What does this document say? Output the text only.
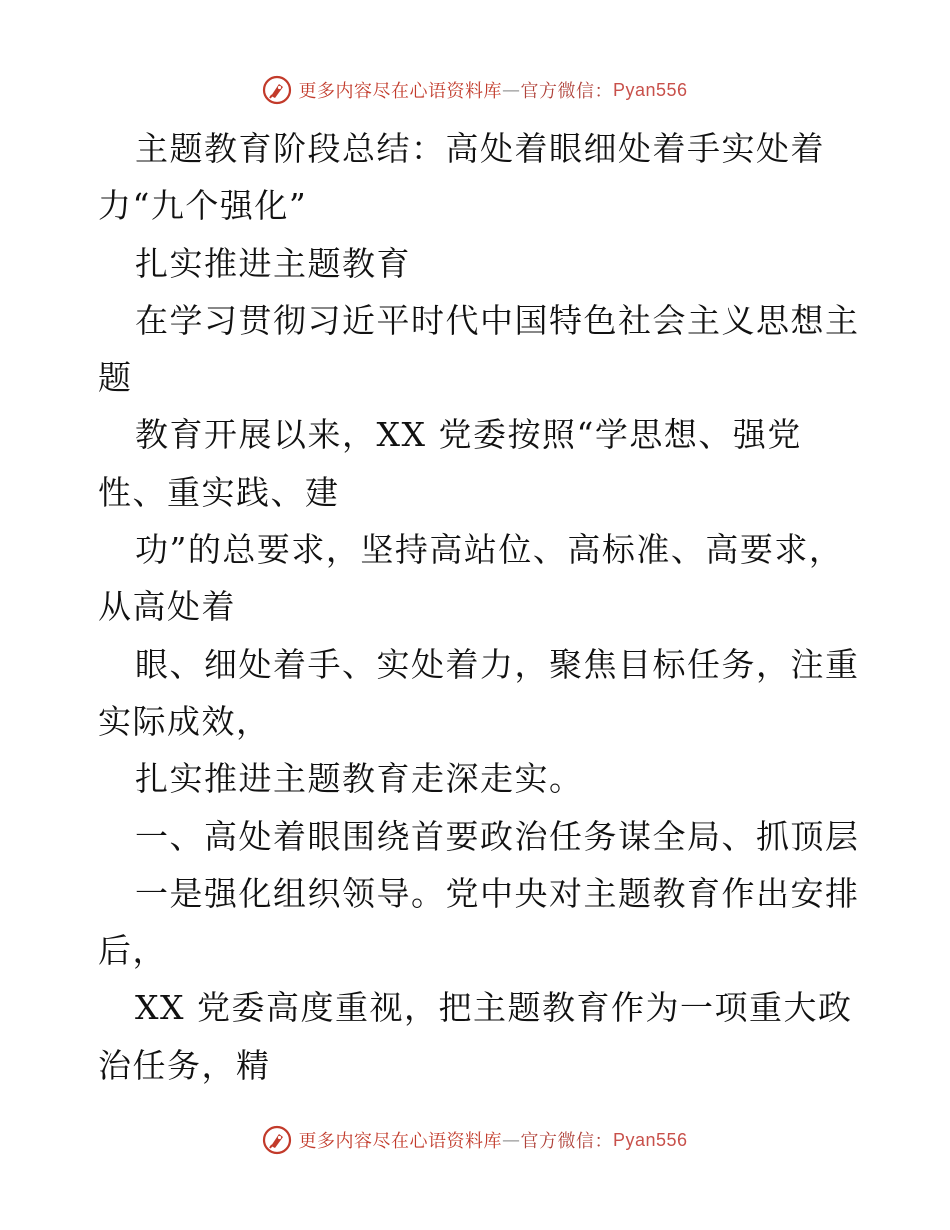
更多内容尽在心语资料库 — 官方微信： Pyan556
主题教育阶段总结：高处着眼细处着手实处着
力“九个强化”
扎实推进主题教育
在学习贯彻习近平时代中国特色社会主义思想主
题
教育开展以来，XX 党委按照“学思想、强党
性、重实践、建
功”的总要求，坚持高站位、高标准、高要求，
从高处着
眼、细处着手、实处着力，聚焦目标任务，注重
实际成效，
扎实推进主题教育走深走实。
一、高处着眼围绕首要政治任务谋全局、抓顶层
一是强化组织领导。党中央对主题教育作出安排
后，
XX 党委高度重视，把主题教育作为一项重大政
治任务，精
更多内容尽在心语资料库 — 官方微信： Pyan556
